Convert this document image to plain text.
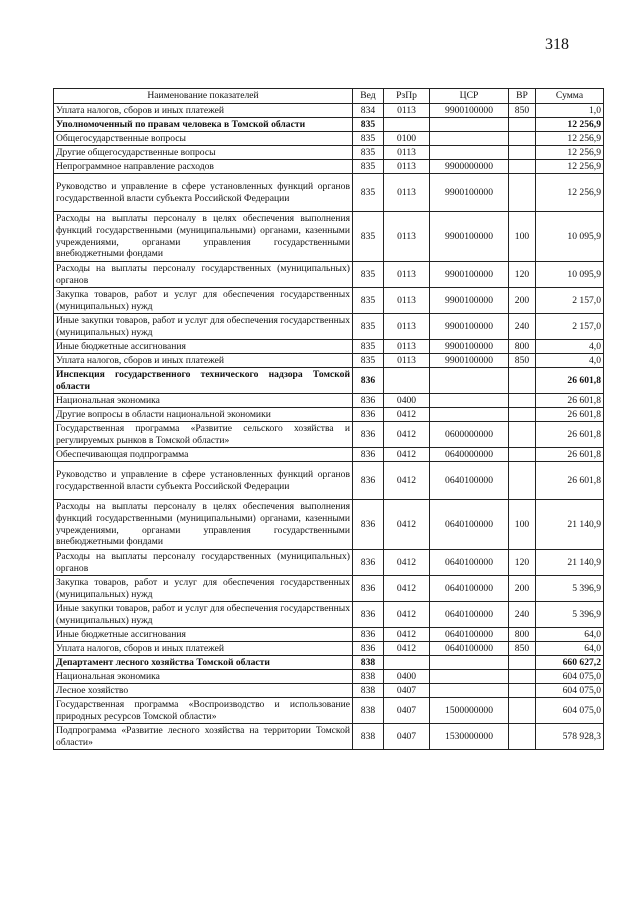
318
Наименование показателей	Вед	РзПр	ЦСР	ВР	Сумма
Уплата налогов, сборов и иных платежей	834	0113	9900100000	850	1,0
Уполномоченный по правам человека в Томской области	835				12 256,9
Общегосударственные вопросы	835	0100			12 256,9
Другие общегосударственные вопросы	835	0113			12 256,9
Непрограммное направление расходов	835	0113	9900000000		12 256,9
Руководство и управление в сфере установленных функций органов государственной власти субъекта Российской Федерации	835	0113	9900100000		12 256,9
Расходы на выплаты персоналу в целях обеспечения выполнения функций государственными (муниципальными) органами, казенными учреждениями, органами управления государственными внебюджетными фондами	835	0113	9900100000	100	10 095,9
Расходы на выплаты персоналу государственных (муниципальных) органов	835	0113	9900100000	120	10 095,9
Закупка товаров, работ и услуг для обеспечения государственных (муниципальных) нужд	835	0113	9900100000	200	2 157,0
Иные закупки товаров, работ и услуг для обеспечения государственных (муниципальных) нужд	835	0113	9900100000	240	2 157,0
Иные бюджетные ассигнования	835	0113	9900100000	800	4,0
Уплата налогов, сборов и иных платежей	835	0113	9900100000	850	4,0
Инспекция государственного технического надзора Томской области	836				26 601,8
Национальная экономика	836	0400			26 601,8
Другие вопросы в области национальной экономики	836	0412			26 601,8
Государственная программа «Развитие сельского хозяйства и регулируемых рынков в Томской области»	836	0412	0600000000		26 601,8
Обеспечивающая подпрограмма	836	0412	0640000000		26 601,8
Руководство и управление в сфере установленных функций органов государственной власти субъекта Российской Федерации	836	0412	0640100000		26 601,8
Расходы на выплаты персоналу в целях обеспечения выполнения функций государственными (муниципальными) органами, казенными учреждениями, органами управления государственными внебюджетными фондами	836	0412	0640100000	100	21 140,9
Расходы на выплаты персоналу государственных (муниципальных) органов	836	0412	0640100000	120	21 140,9
Закупка товаров, работ и услуг для обеспечения государственных (муниципальных) нужд	836	0412	0640100000	200	5 396,9
Иные закупки товаров, работ и услуг для обеспечения государственных (муниципальных) нужд	836	0412	0640100000	240	5 396,9
Иные бюджетные ассигнования	836	0412	0640100000	800	64,0
Уплата налогов, сборов и иных платежей	836	0412	0640100000	850	64,0
Департамент лесного хозяйства Томской области	838				660 627,2
Национальная экономика	838	0400			604 075,0
Лесное хозяйство	838	0407			604 075,0
Государственная программа «Воспроизводство и использование природных ресурсов Томской области»	838	0407	1500000000		604 075,0
Подпрограмма «Развитие лесного хозяйства на территории Томской области»	838	0407	1530000000		578 928,3
